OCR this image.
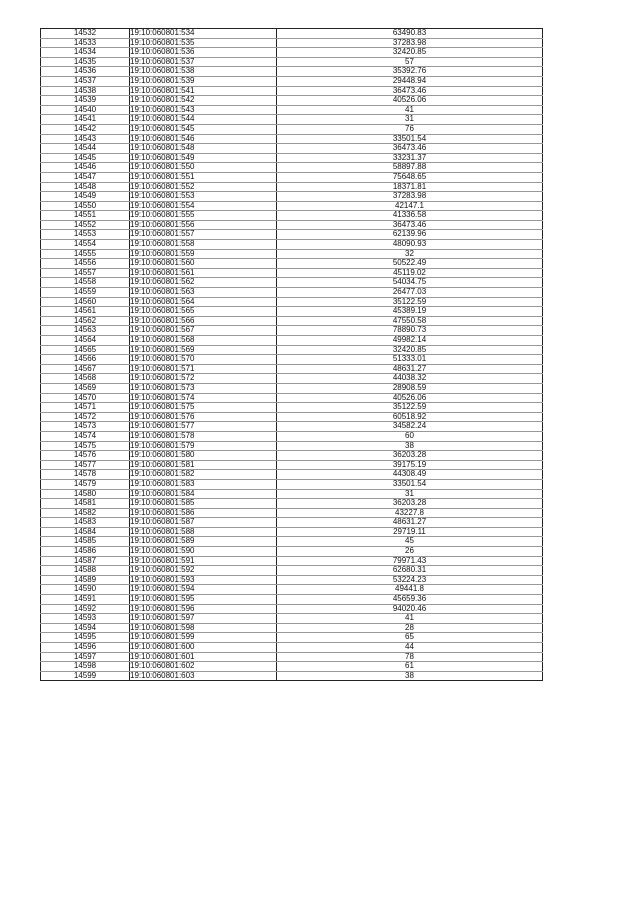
14532	19:10:060801:534	63490.83
14533	19:10:060801:535	37283.98
14534	19:10:060801:536	32420.85
14535	19:10:060801:537	57
14536	19:10:060801:538	35392.76
14537	19:10:060801:539	29448.94
14538	19:10:060801:541	36473.46
14539	19:10:060801:542	40526.06
14540	19:10:060801:543	41
14541	19:10:060801:544	31
14542	19:10:060801:545	76
14543	19:10:060801:546	33501.54
14544	19:10:060801:548	36473.46
14545	19:10:060801:549	33231.37
14546	19:10:060801:550	58897.88
14547	19:10:060801:551	75648.65
14548	19:10:060801:552	18371.81
14549	19:10:060801:553	37283.98
14550	19:10:060801:554	42147.1
14551	19:10:060801:555	41336.58
14552	19:10:060801:556	36473.46
14553	19:10:060801:557	62139.96
14554	19:10:060801:558	48090.93
14555	19:10:060801:559	32
14556	19:10:060801:560	50522.49
14557	19:10:060801:561	45119.02
14558	19:10:060801:562	54034.75
14559	19:10:060801:563	26477.03
14560	19:10:060801:564	35122.59
14561	19:10:060801:565	45389.19
14562	19:10:060801:566	47550.58
14563	19:10:060801:567	78890.73
14564	19:10:060801:568	49982.14
14565	19:10:060801:569	32420.85
14566	19:10:060801:570	51333.01
14567	19:10:060801:571	48631.27
14568	19:10:060801:572	44038.32
14569	19:10:060801:573	28908.59
14570	19:10:060801:574	40526.06
14571	19:10:060801:575	35122.59
14572	19:10:060801:576	60518.92
14573	19:10:060801:577	34582.24
14574	19:10:060801:578	60
14575	19:10:060801:579	38
14576	19:10:060801:580	36203.28
14577	19:10:060801:581	39175.19
14578	19:10:060801:582	44308.49
14579	19:10:060801:583	33501.54
14580	19:10:060801:584	31
14581	19:10:060801:585	36203.28
14582	19:10:060801:586	43227.8
14583	19:10:060801:587	48631.27
14584	19:10:060801:588	29719.11
14585	19:10:060801:589	45
14586	19:10:060801:590	26
14587	19:10:060801:591	79971.43
14588	19:10:060801:592	62680.31
14589	19:10:060801:593	53224.23
14590	19:10:060801:594	49441.8
14591	19:10:060801:595	45659.36
14592	19:10:060801:596	94020.46
14593	19:10:060801:597	41
14594	19:10:060801:598	28
14595	19:10:060801:599	65
14596	19:10:060801:600	44
14597	19:10:060801:601	78
14598	19:10:060801:602	61
14599	19:10:060801:603	38
